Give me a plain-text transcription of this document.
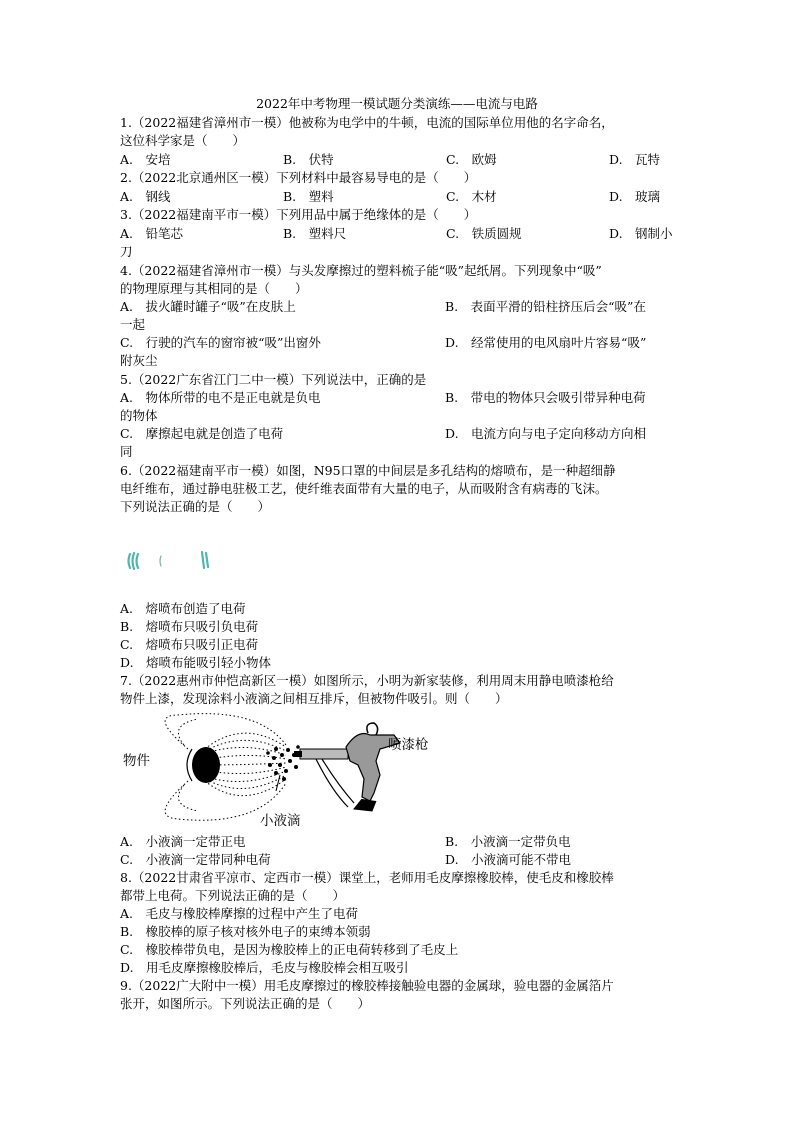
2022年中考物理一模试题分类演练——电流与电路
1.（2022福建省漳州市一模）他被称为电学中的牛顿，电流的国际单位用他的名字命名，
这位科学家是（　　）
A.　安培	B.　伏特	C.　欧姆	D.　瓦特
2.（2022北京通州区一模）下列材料中最容易导电的是（　　）
A.　钢线	B.　塑料	C.　木材	D.　玻璃
3.（2022福建南平市一模）下列用品中属于绝缘体的是（　　）
A.　铅笔芯	B.　塑料尺	C.　铁质圆规	D.　钢制小
刀
4.（2022福建省漳州市一模）与头发摩擦过的塑料梳子能“吸”起纸屑。下列现象中“吸”
的物理原理与其相同的是（　　）
A.　拔火罐时罐子“吸”在皮肤上	B.　表面平滑的铅柱挤压后会“吸”在
一起
C.　行驶的汽车的窗帘被“吸”出窗外	D.　经常使用的电风扇叶片容易“吸”
附灰尘
5.（2022广东省江门二中一模）下列说法中，正确的是
A.　物体所带的电不是正电就是负电	B.　带电的物体只会吸引带异种电荷
的物体
C.　摩擦起电就是创造了电荷	D.　电流方向与电子定向移动方向相
同
6.（2022福建南平市一模）如图，N95口罩的中间层是多孔结构的熔喷布，是一种超细静
电纤维布，通过静电驻极工艺，使纤维表面带有大量的电子，从而吸附含有病毒的飞沫。
下列说法正确的是（　　）
A.　熔喷布创造了电荷
B.　熔喷布只吸引负电荷
C.　熔喷布只吸引正电荷
D.　熔喷布能吸引轻小物体
7.（2022惠州市仲恺高新区一模）如图所示，小明为新家装修，利用周末用静电喷漆枪给
物件上漆，发现涂料小液滴之间相互排斥，但被物件吸引。则（　　）
物件
喷漆枪
小液滴
A.　小液滴一定带正电	B.　小液滴一定带负电
C.　小液滴一定带同种电荷	D.　小液滴可能不带电
8.（2022甘肃省平凉市、定西市一模）课堂上，老师用毛皮摩擦橡胶棒，使毛皮和橡胶棒
都带上电荷。下列说法正确的是（　　）
A.　毛皮与橡胶棒摩擦的过程中产生了电荷
B.　橡胶棒的原子核对核外电子的束缚本领弱
C.　橡胶棒带负电，是因为橡胶棒上的正电荷转移到了毛皮上
D.　用毛皮摩擦橡胶棒后，毛皮与橡胶棒会相互吸引
9.（2022广大附中一模）用毛皮摩擦过的橡胶棒接触验电器的金属球，验电器的金属箔片
张开，如图所示。下列说法正确的是（　　）
